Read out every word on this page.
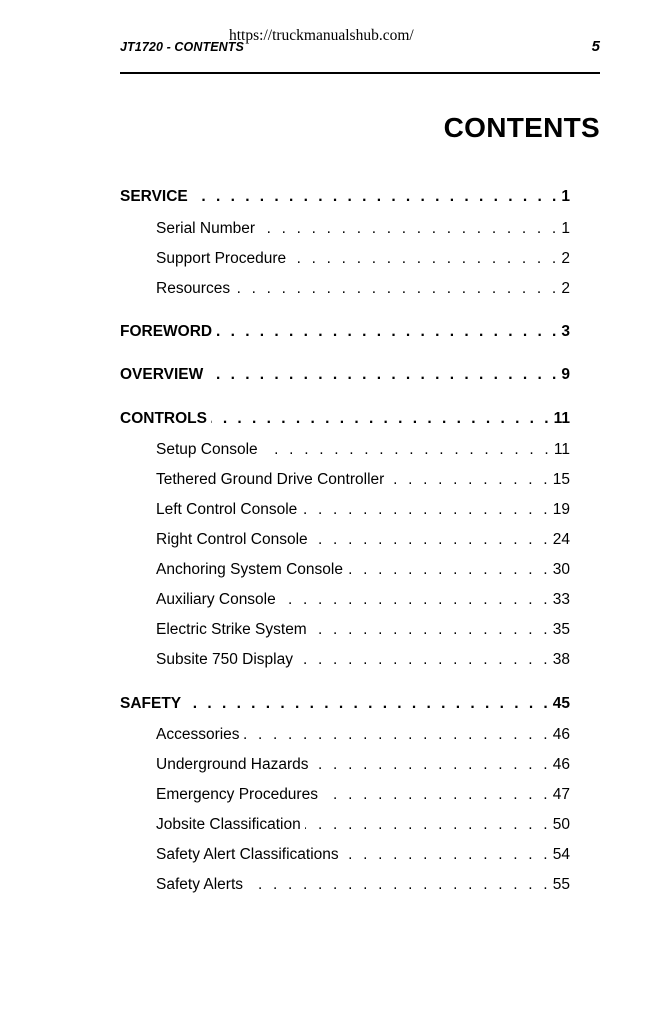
https://truckmanualshub.com/
JT1720 - CONTENTS	5
CONTENTS
SERVICE . . .	1
Serial Number . . .	1
Support Procedure . . .	2
Resources . . .	2
FOREWORD . . .	3
OVERVIEW . . .	9
CONTROLS . . .	11
Setup Console . . .	11
Tethered Ground Drive Controller . . .	15
Left Control Console . . .	19
Right Control Console . . .	24
Anchoring System Console . . .	30
Auxiliary Console . . .	33
Electric Strike System . . .	35
Subsite 750 Display . . .	38
SAFETY . . .	45
Accessories . . .	46
Underground Hazards . . .	46
Emergency Procedures . . .	47
Jobsite Classification . . .	50
Safety Alert Classifications . . .	54
Safety Alerts . . .	55
